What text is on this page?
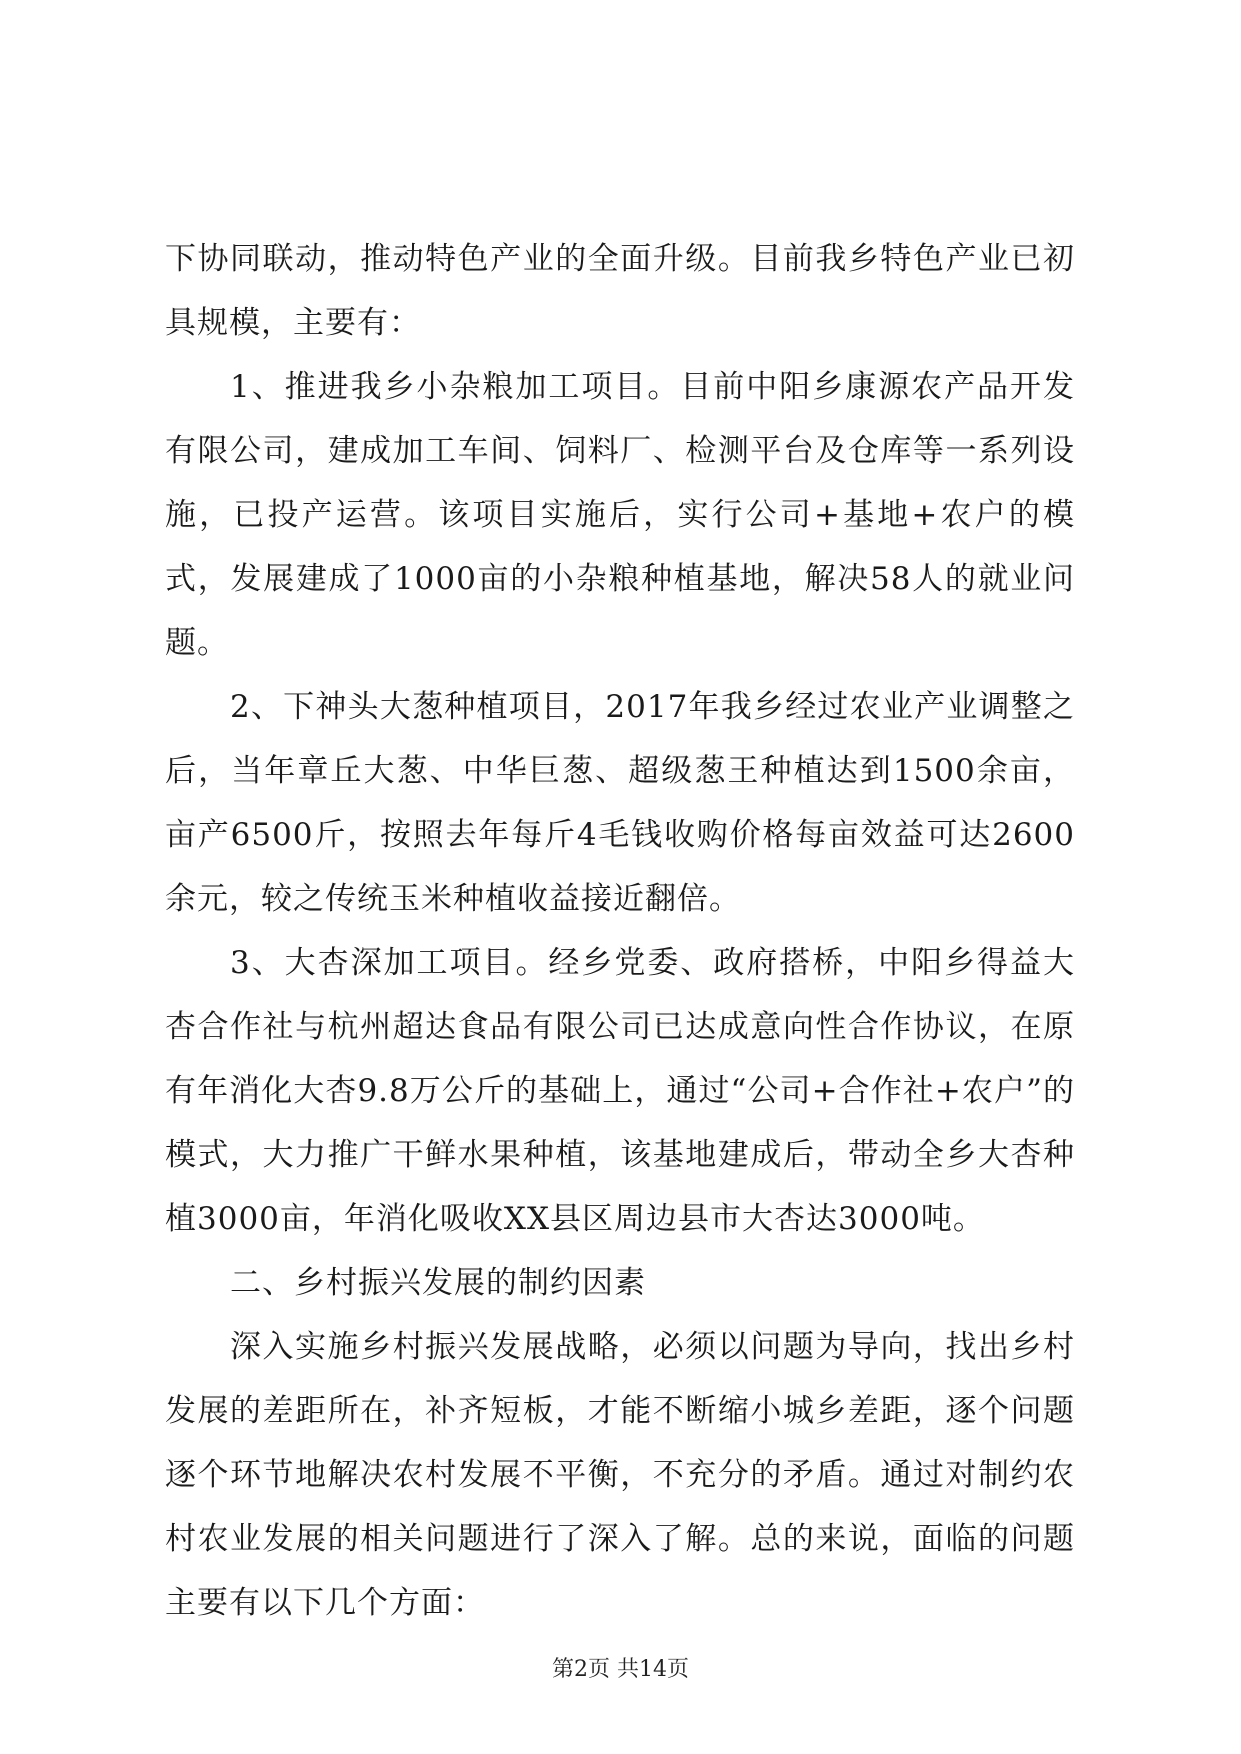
下协同联动，推动特色产业的全面升级。目前我乡特色产业已初具规模，主要有：

1、推进我乡小杂粮加工项目。目前中阳乡康源农产品开发有限公司，建成加工车间、饲料厂、检测平台及仓库等一系列设施，已投产运营。该项目实施后，实行公司+基地+农户的模式，发展建成了1000亩的小杂粮种植基地，解决58人的就业问题。

2、下神头大葱种植项目，2017年我乡经过农业产业调整之后，当年章丘大葱、中华巨葱、超级葱王种植达到1500余亩，亩产6500斤，按照去年每斤4毛钱收购价格每亩效益可达2600余元，较之传统玉米种植收益接近翻倍。

3、大杏深加工项目。经乡党委、政府搭桥，中阳乡得益大杏合作社与杭州超达食品有限公司已达成意向性合作协议，在原有年消化大杏9.8万公斤的基础上，通过“公司+合作社+农户”的模式，大力推广干鲜水果种植，该基地建成后，带动全乡大杏种植3000亩，年消化吸收XX县区周边县市大杏达3000吨。

二、乡村振兴发展的制约因素

深入实施乡村振兴发展战略，必须以问题为导向，找出乡村发展的差距所在，补齐短板，才能不断缩小城乡差距，逐个问题逐个环节地解决农村发展不平衡，不充分的矛盾。通过对制约农村农业发展的相关问题进行了深入了解。总的来说，面临的问题主要有以下几个方面：

第2页 共14页
